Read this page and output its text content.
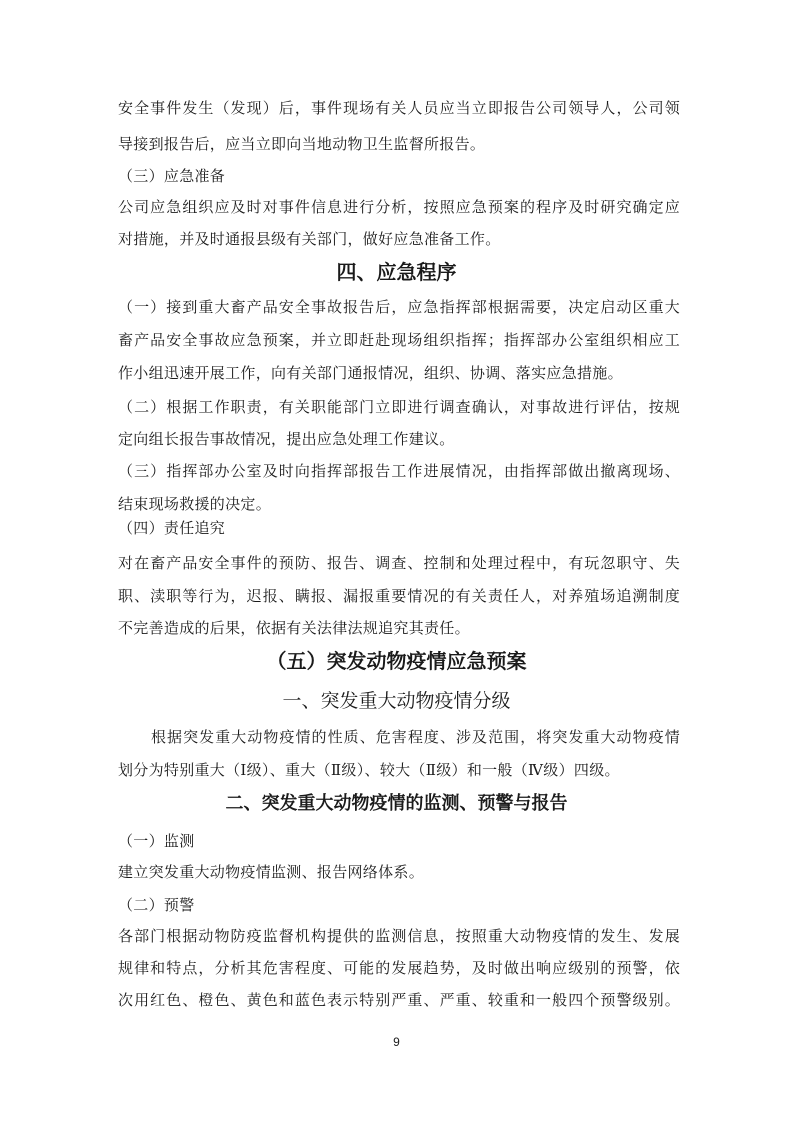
安全事件发生（发现）后，事件现场有关人员应当立即报告公司领导人，公司领
导接到报告后，应当立即向当地动物卫生监督所报告。
（三）应急准备
公司应急组织应及时对事件信息进行分析，按照应急预案的程序及时研究确定应
对措施，并及时通报县级有关部门，做好应急准备工作。
四、应急程序
（一）接到重大畜产品安全事故报告后，应急指挥部根据需要，决定启动区重大
畜产品安全事故应急预案，并立即赶赴现场组织指挥；指挥部办公室组织相应工
作小组迅速开展工作，向有关部门通报情况，组织、协调、落实应急措施。
（二）根据工作职责，有关职能部门立即进行调查确认，对事故进行评估，按规
定向组长报告事故情况，提出应急处理工作建议。
（三）指挥部办公室及时向指挥部报告工作进展情况，由指挥部做出撤离现场、
结束现场救援的决定。
（四）责任追究
对在畜产品安全事件的预防、报告、调查、控制和处理过程中，有玩忽职守、失
职、渎职等行为，迟报、瞒报、漏报重要情况的有关责任人，对养殖场追溯制度
不完善造成的后果，依据有关法律法规追究其责任。
（五）突发动物疫情应急预案
一、突发重大动物疫情分级
根据突发重大动物疫情的性质、危害程度、涉及范围，将突发重大动物疫情
划分为特别重大（Ⅰ级）、重大（Ⅱ级）、较大（Ⅱ级）和一般（Ⅳ级）四级。
二、突发重大动物疫情的监测、预警与报告
（一）监测
建立突发重大动物疫情监测、报告网络体系。
（二）预警
各部门根据动物防疫监督机构提供的监测信息，按照重大动物疫情的发生、发展
规律和特点，分析其危害程度、可能的发展趋势，及时做出响应级别的预警，依
次用红色、橙色、黄色和蓝色表示特别严重、严重、较重和一般四个预警级别。
9
